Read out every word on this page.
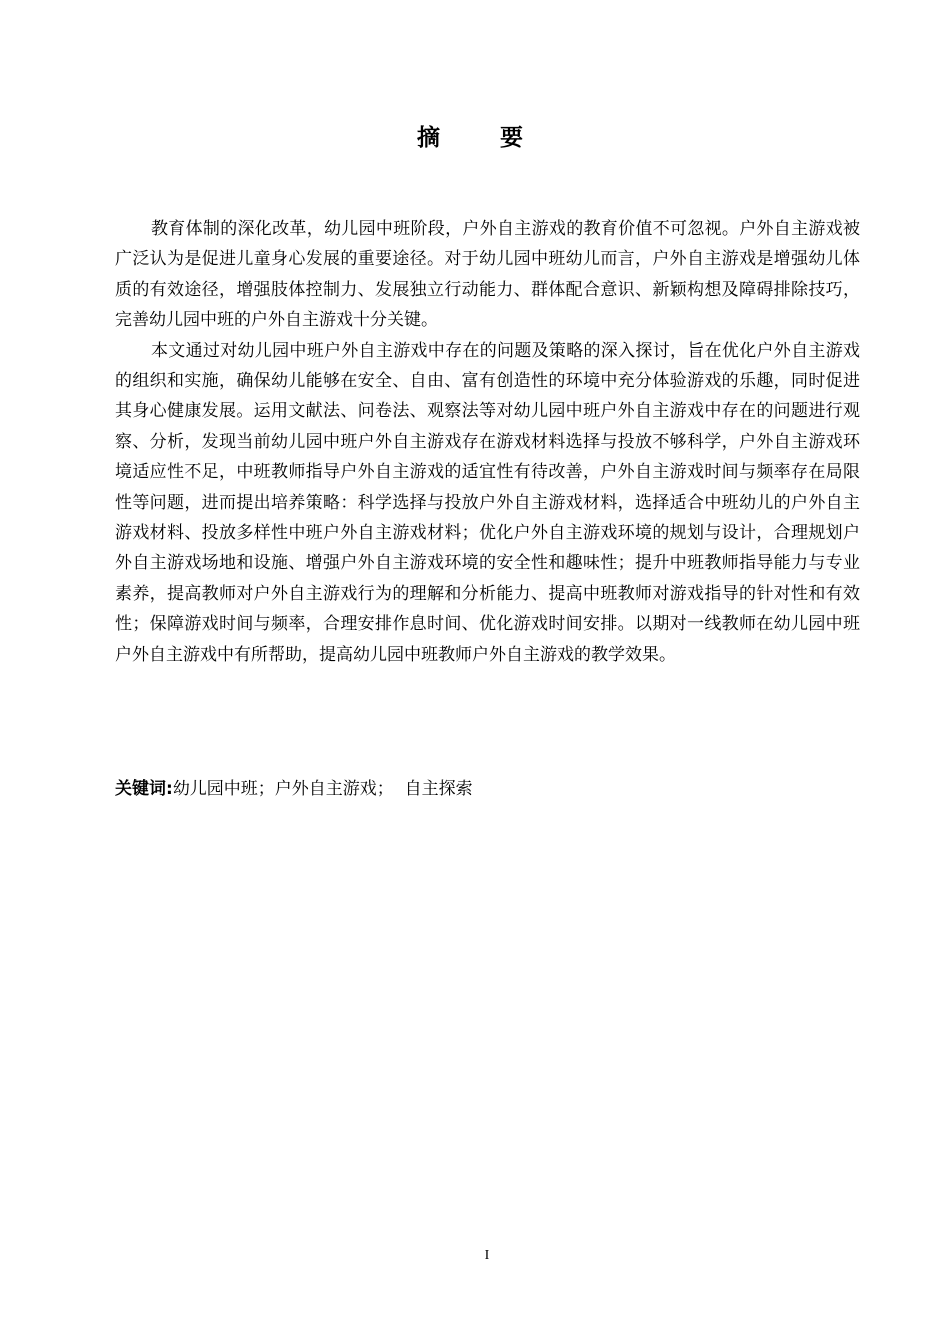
摘 要

教育体制的深化改革，幼儿园中班阶段，户外自主游戏的教育价值不可忽视。户外自主游戏被广泛认为是促进儿童身心发展的重要途径。对于幼儿园中班幼儿而言，户外自主游戏是增强幼儿体质的有效途径，增强肢体控制力、发展独立行动能力、群体配合意识、新颖构想及障碍排除技巧，完善幼儿园中班的户外自主游戏十分关键。

本文通过对幼儿园中班户外自主游戏中存在的问题及策略的深入探讨，旨在优化户外自主游戏的组织和实施，确保幼儿能够在安全、自由、富有创造性的环境中充分体验游戏的乐趣，同时促进其身心健康发展。运用文献法、问卷法、观察法等对幼儿园中班户外自主游戏中存在的问题进行观察、分析，发现当前幼儿园中班户外自主游戏存在游戏材料选择与投放不够科学，户外自主游戏环境适应性不足，中班教师指导户外自主游戏的适宜性有待改善，户外自主游戏时间与频率存在局限性等问题，进而提出培养策略：科学选择与投放户外自主游戏材料，选择适合中班幼儿的户外自主游戏材料、投放多样性中班户外自主游戏材料；优化户外自主游戏环境的规划与设计，合理规划户外自主游戏场地和设施、增强户外自主游戏环境的安全性和趣味性；提升中班教师指导能力与专业素养，提高教师对户外自主游戏行为的理解和分析能力、提高中班教师对游戏指导的针对性和有效性；保障游戏时间与频率，合理安排作息时间、优化游戏时间安排。以期对一线教师在幼儿园中班户外自主游戏中有所帮助，提高幼儿园中班教师户外自主游戏的教学效果。

关键词:幼儿园中班；户外自主游戏；  自主探索
I
